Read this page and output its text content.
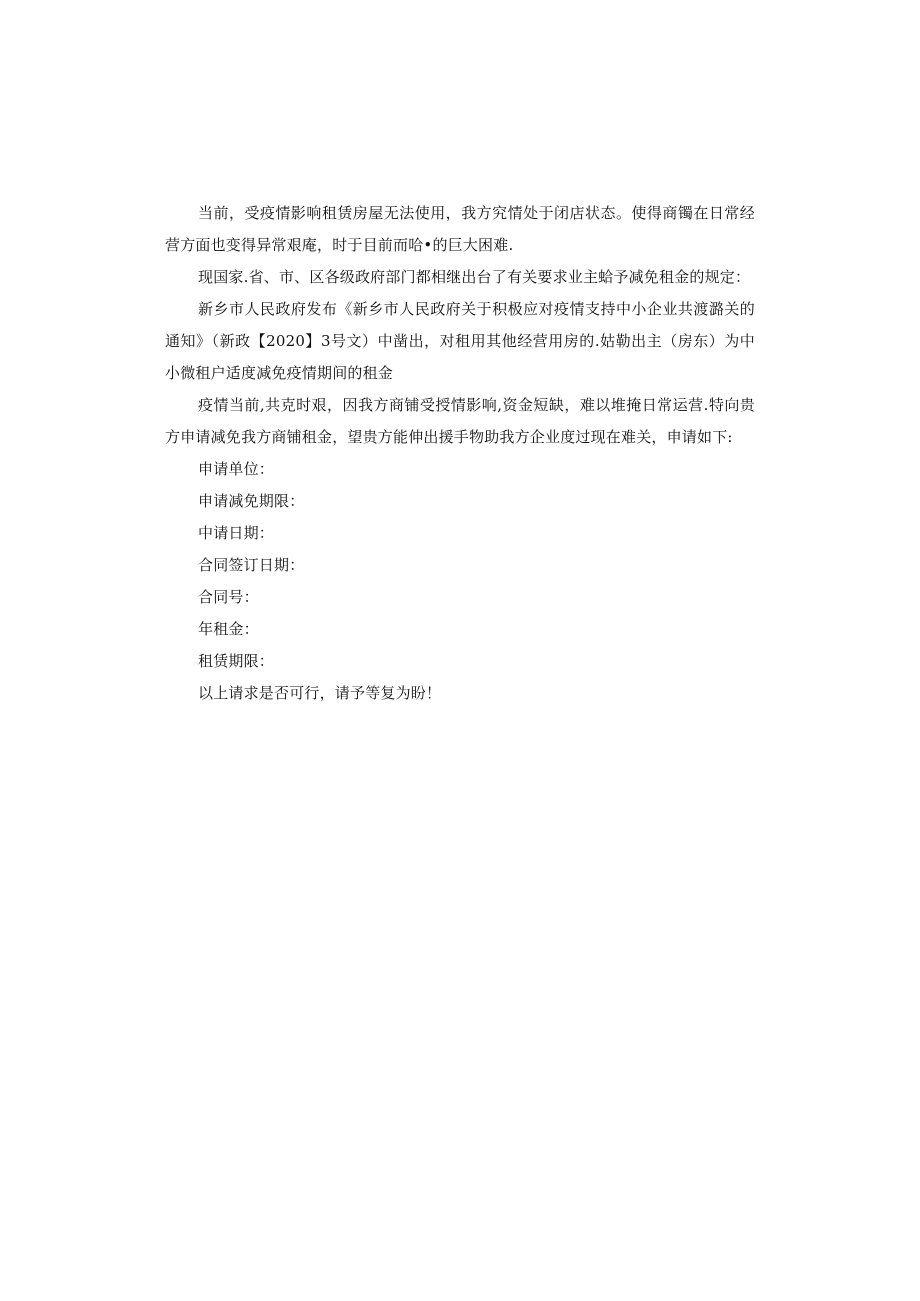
当前，受疫情影响租赁房屋无法使用，我方究情处于闭店状态。使得商镯在日常经营方面也变得异常艰庵，时于目前而哈•的巨大困难.

现国家.省、市、区各级政府部门都相继出台了有关要求业主蛤予减免租金的规定：

新乡市人民政府发布《新乡市人民政府关于积极应对疫情支持中小企业共渡潞关的通知》（新政【2020】3号文）中凿出，对租用其他经营用房的.姑勒出主（房东）为中小微租户适度减免疫情期间的租金

疫情当前,共克时艰，因我方商铺受授情影响,资金短缺，难以堆掩日常运营.特向贵方申请减免我方商铺租金，望贵方能伸出援手物助我方企业度过现在难关，申请如下:

申请单位：

申请减免期限：

中请日期：

合同签订日期：

合同号：

年租金：

租赁期限：

以上请求是否可行，请予等复为盼！
